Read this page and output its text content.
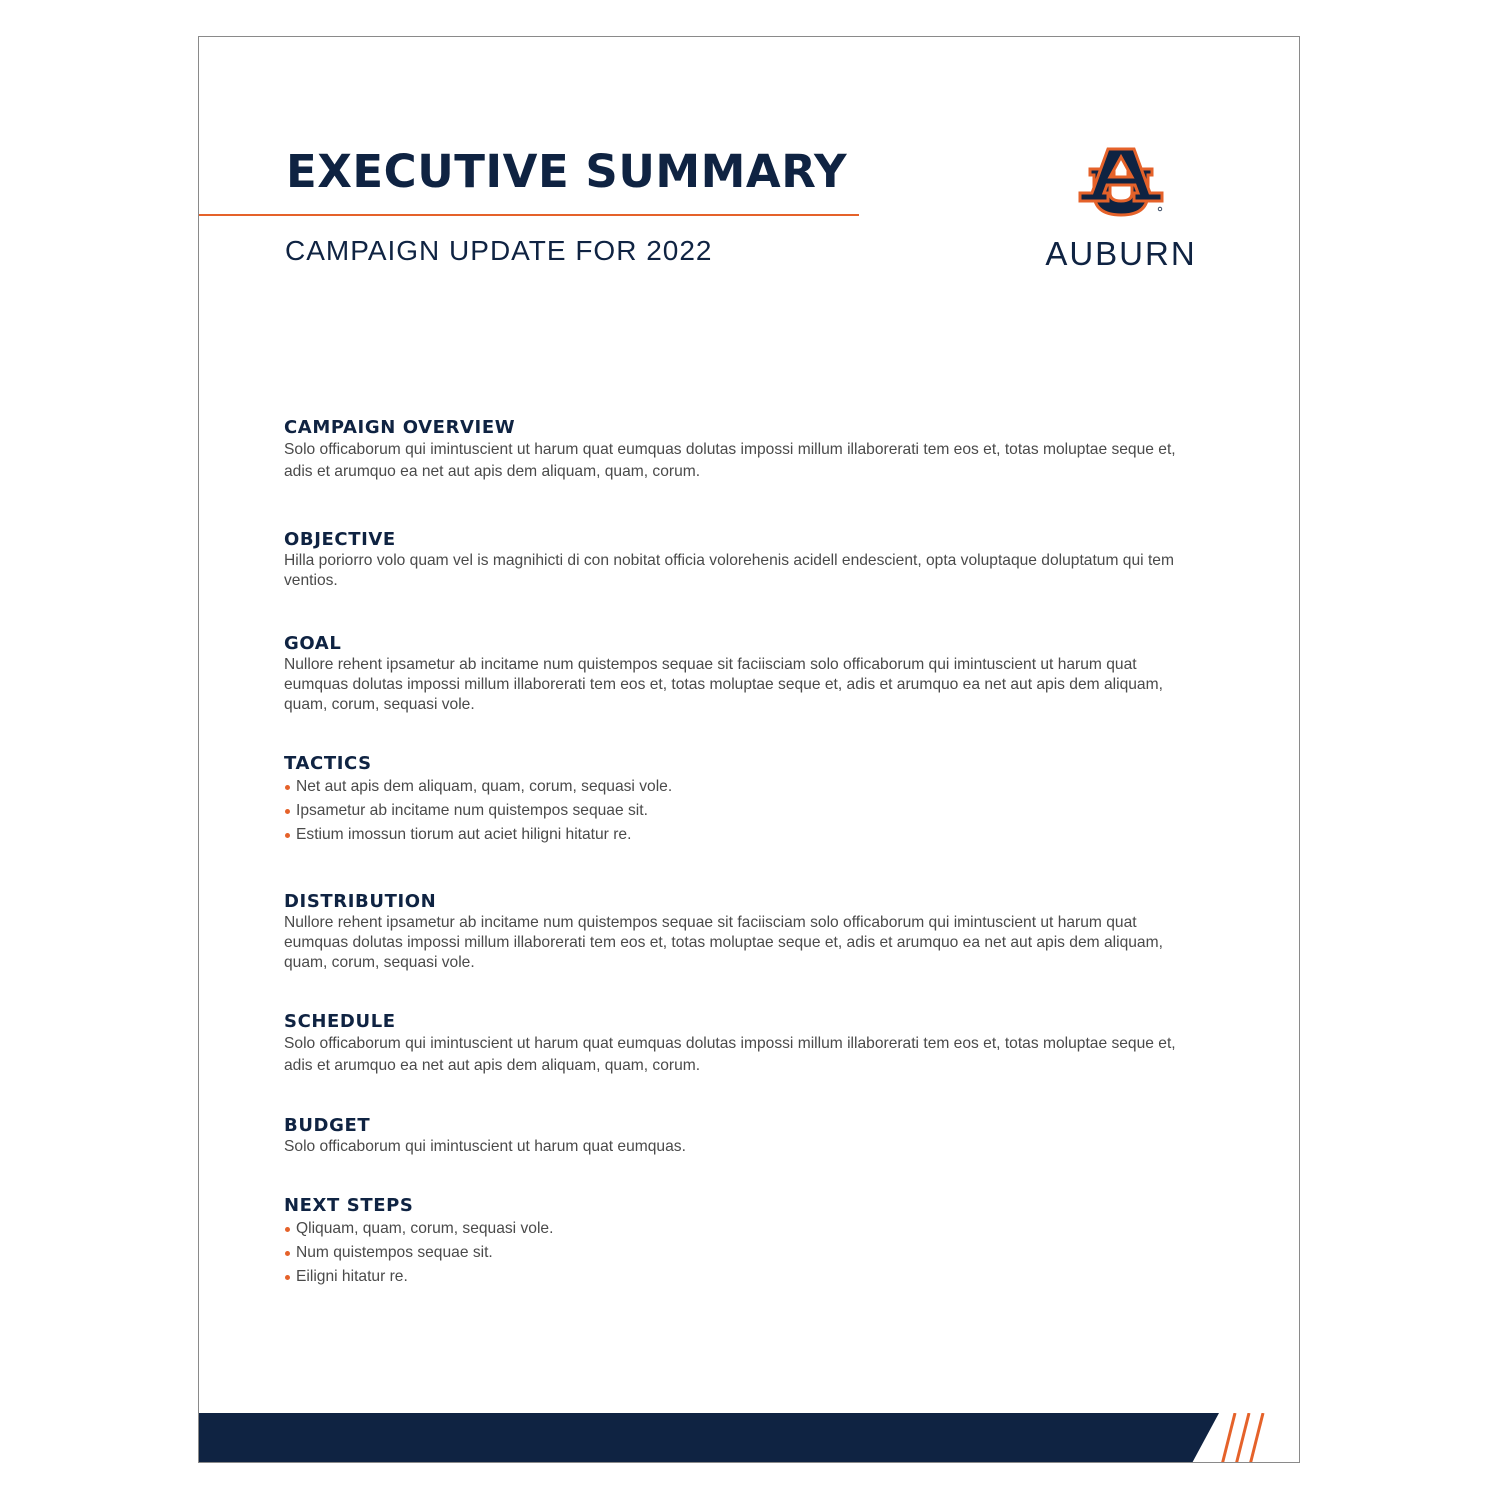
EXECUTIVE SUMMARY
CAMPAIGN UPDATE FOR 2022	AUBURN
CAMPAIGN OVERVIEW

Solo officaborum qui imintuscient ut harum quat eumquas dolutas impossi millum illaborerati tem eos et, totas moluptae seque et, adis et arumquo ea net aut apis dem aliquam, quam, corum.

OBJECTIVE

Hilla poriorro volo quam vel is magnihicti di con nobitat officia volorehenis acidell endescient, opta voluptaque doluptatum qui tem ventios.

GOAL

Nullore rehent ipsametur ab incitame num quistempos sequae sit faciisciam solo officaborum qui imintuscient ut harum quat eumquas dolutas impossi millum illaborerati tem eos et, totas moluptae seque et, adis et arumquo ea net aut apis dem aliquam, quam, corum, sequasi vole.

TACTICS
Net aut apis dem aliquam, quam, corum, sequasi vole.
Ipsametur ab incitame num quistempos sequae sit.
Estium imossun tiorum aut aciet hiligni hitatur re.
DISTRIBUTION

Nullore rehent ipsametur ab incitame num quistempos sequae sit faciisciam solo officaborum qui imintuscient ut harum quat eumquas dolutas impossi millum illaborerati tem eos et, totas moluptae seque et, adis et arumquo ea net aut apis dem aliquam, quam, corum, sequasi vole.

SCHEDULE

Solo officaborum qui imintuscient ut harum quat eumquas dolutas impossi millum illaborerati tem eos et, totas moluptae seque et, adis et arumquo ea net aut apis dem aliquam, quam, corum.

BUDGET

Solo officaborum qui imintuscient ut harum quat eumquas.

NEXT STEPS
Qliquam, quam, corum, sequasi vole.
Num quistempos sequae sit.
Eiligni hitatur re.
